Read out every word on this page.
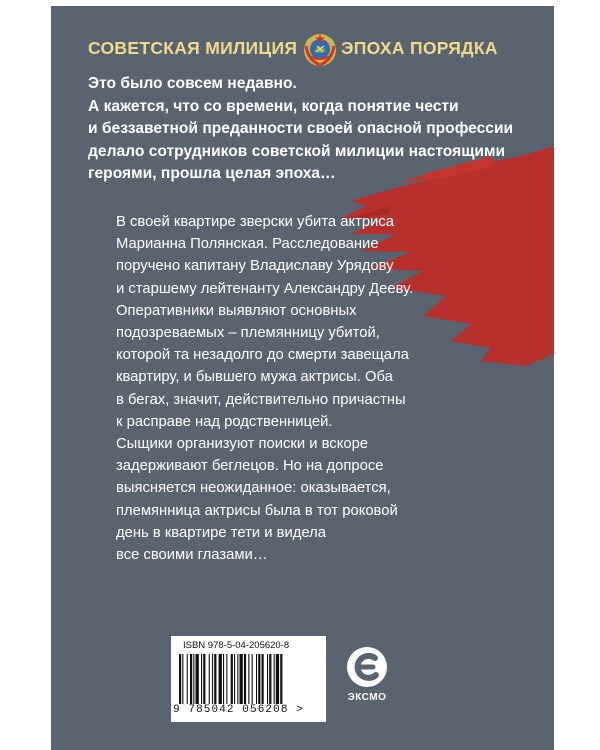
СОВЕТСКАЯ МИЛИЦИЯ ЭПОХА ПОРЯДКА
Это было совсем недавно.
А кажется, что со времени, когда понятие чести
и беззаветной преданности своей опасной профессии
делало сотрудников советской милиции настоящими
героями, прошла целая эпоха…
В своей квартире зверски убита актриса
Марианна Полянская. Расследование
поручено капитану Владиславу Урядову
и старшему лейтенанту Александру Дееву.
Оперативники выявляют основных
подозреваемых – племянницу убитой,
которой та незадолго до смерти завещала
квартиру, и бывшего мужа актрисы. Оба
в бегах, значит, действительно причастны
к расправе над родственницей.
Сыщики организуют поиски и вскоре
задерживают беглецов. Но на допросе
выясняется неожиданное: оказывается,
племянница актрисы была в тот роковой
день в квартире тети и видела
все своими глазами…
ISBN 978-5-04-205620-8
9 785042 056208 >
ЭКСМО
